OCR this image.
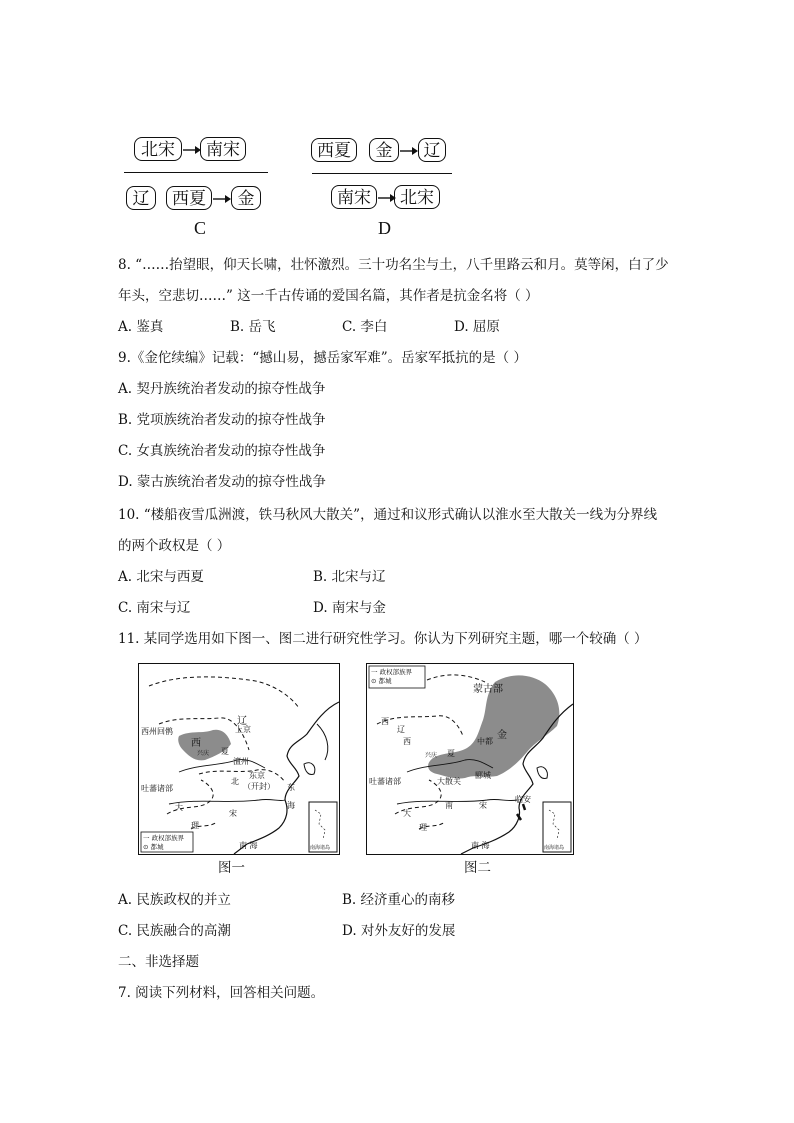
北宋	南宋
辽	西夏	金
C
西夏	金	辽
南宋	北宋
D
8. “……抬望眼，仰天长啸，壮怀激烈。三十功名尘与土，八千里路云和月。莫等闲，白了少
年头，空悲切……” 这一千古传诵的爱国名篇，其作者是抗金名将（ ）
A. 鉴真	B. 岳飞	C. 李白	D. 屈原
9.《金佗续编》记载：“撼山易，撼岳家军难”。岳家军抵抗的是（ ）
A. 契丹族统治者发动的掠夺性战争
B. 党项族统治者发动的掠夺性战争
C. 女真族统治者发动的掠夺性战争
D. 蒙古族统治者发动的掠夺性战争
10. “楼船夜雪瓜洲渡，铁马秋风大散关”，通过和议形式确认以淮水至大散关一线为分界线
的两个政权是（ ）
A. 北宋与西夏	B. 北宋与辽
C. 南宋与辽	D. 南宋与金
11. 某同学选用如下图一、图二进行研究性学习。你认为下列研究主题，哪一个较确（ ）
辽
上京
西州回鹘
西
兴庆 夏
澶州
北
东京
（开封）
吐蕃诸部	东
大
宋
海
理
南 海
一 政权部族界
⊙ 都城	南海诸岛
图一
一 政权部族界
⊙ 都城
蒙古部
辽
西
西
兴庆 夏
金
中都
吐蕃诸部	大散关
郾城
临安
南	宋
大
理
南 海	南海诸岛
图二
A. 民族政权的并立	B. 经济重心的南移
C. 民族融合的高潮	D. 对外友好的发展
二、非选择题
7. 阅读下列材料，回答相关问题。
